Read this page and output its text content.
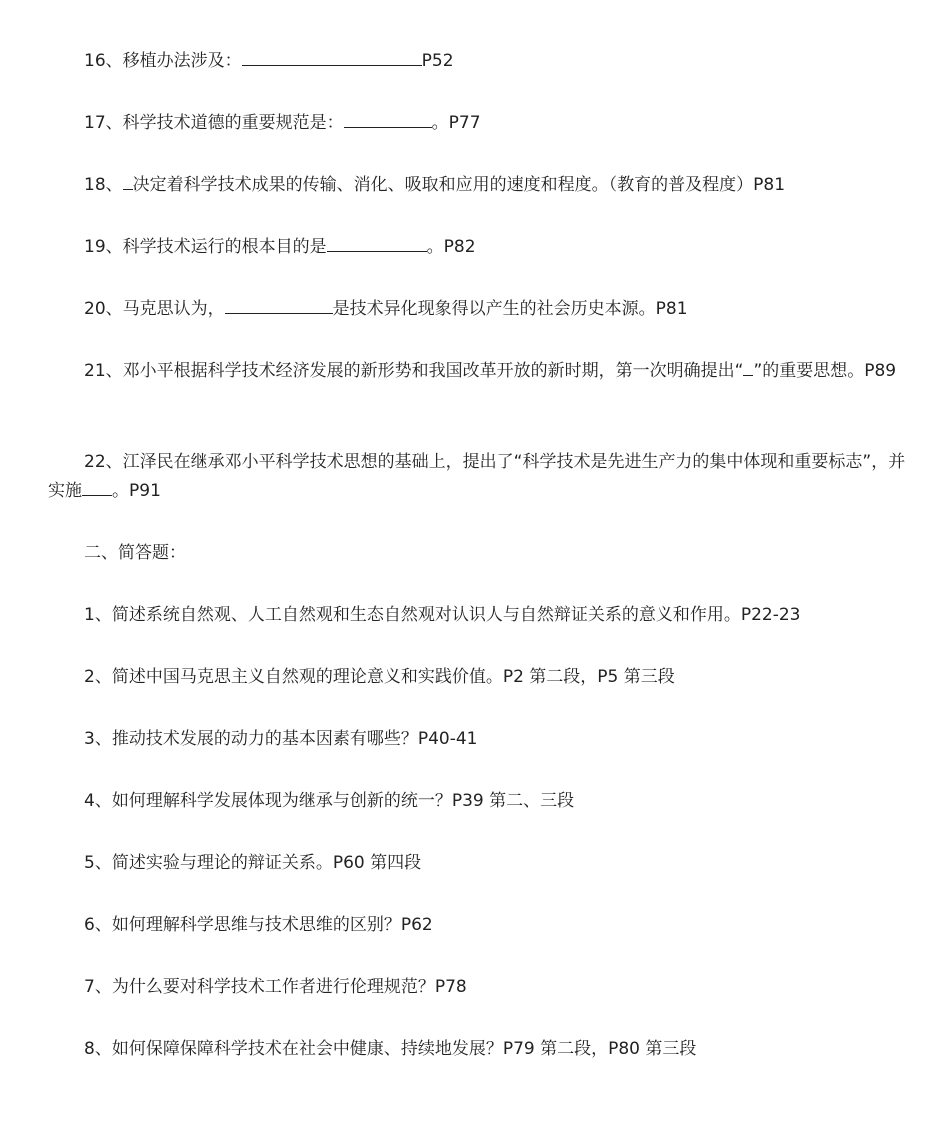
16、移植办法涉及：	P52

17、科学技术道德的重要规范是：	。P77

18、 决定着科学技术成果的传输、消化、吸取和应用的速度和程度。（教育的普及程度）P81

19、科学技术运行的根本目的是	。P82

20、马克思认为，	是技术异化现象得以产生的社会历史本源。P81

21、邓小平根据科学技术经济发展的新形势和我国改革开放的新时期，第一次明确提出“ ”的重要思想。P89

22、江泽民在继承邓小平科学技术思想的基础上，提出了“科学技术是先进生产力的集中体现和重要标志”，并实施 。P91

二、简答题：

1、简述系统自然观、人工自然观和生态自然观对认识人与自然辩证关系的意义和作用。P22-23

2、简述中国马克思主义自然观的理论意义和实践价值。P2 第二段，P5 第三段

3、推动技术发展的动力的基本因素有哪些？P40-41

4、如何理解科学发展体现为继承与创新的统一？P39 第二、三段

5、简述实验与理论的辩证关系。P60 第四段

6、如何理解科学思维与技术思维的区别？P62

7、为什么要对科学技术工作者进行伦理规范？P78

8、如何保障保障科学技术在社会中健康、持续地发展？P79 第二段，P80 第三段
